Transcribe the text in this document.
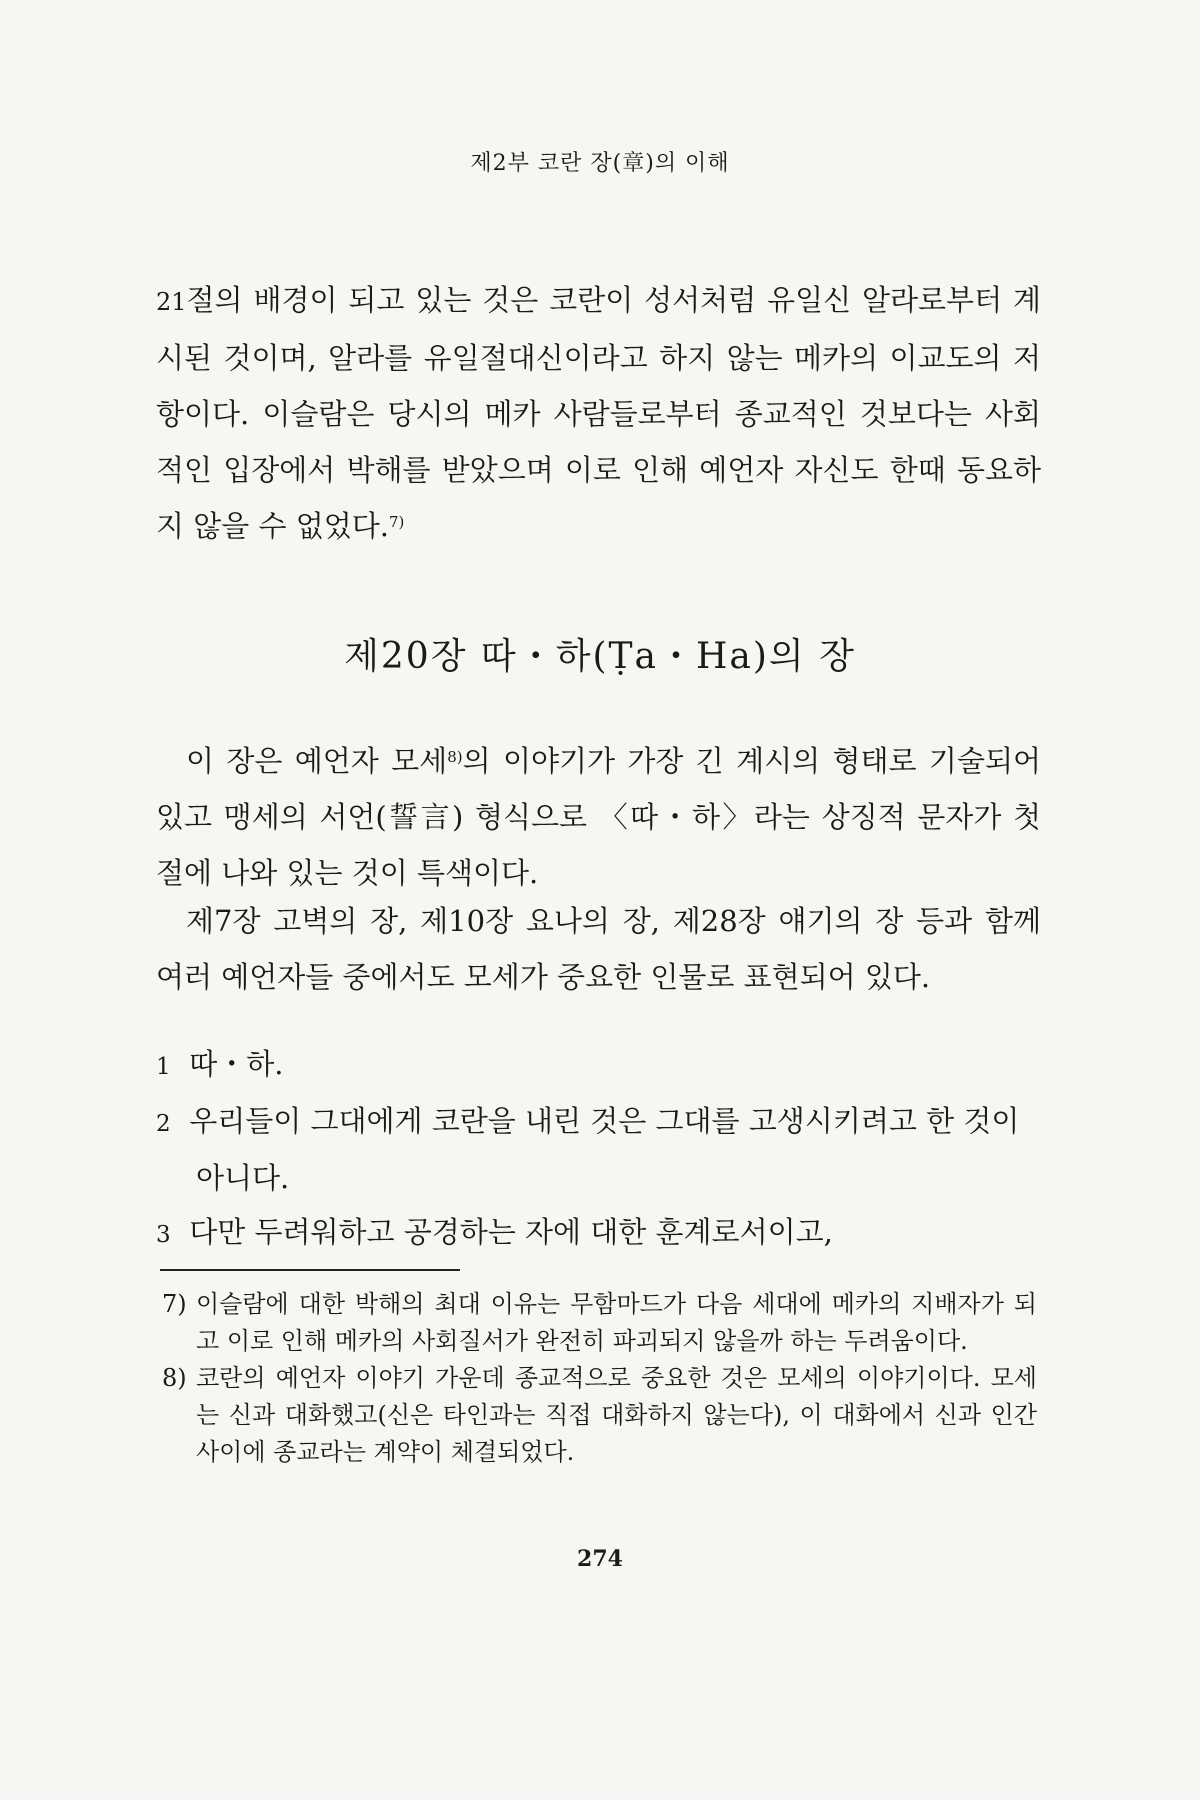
제2부 코란 장(章)의 이해

21절의 배경이 되고 있는 것은 코란이 성서처럼 유일신 알라로부터 계시된 것이며, 알라를 유일절대신이라고 하지 않는 메카의 이교도의 저항이다. 이슬람은 당시의 메카 사람들로부터 종교적인 것보다는 사회적인 입장에서 박해를 받았으며 이로 인해 예언자 자신도 한때 동요하지 않을 수 없었다.$^{7)}$

제20장 따・하(Ṭa・Ha)의 장

이 장은 예언자 모세$^{8)}$의 이야기가 가장 긴 계시의 형태로 기술되어 있고 맹세의 서언(誓言) 형식으로 〈따・하〉라는 상징적 문자가 첫 절에 나와 있는 것이 특색이다.

제7장 고벽의 장, 제10장 요나의 장, 제28장 얘기의 장 등과 함께 여러 예언자들 중에서도 모세가 중요한 인물로 표현되어 있다.

1 따・하.
2 우리들이 그대에게 코란을 내린 것은 그대를 고생시키려고 한 것이 아니다.
3 다만 두려워하고 공경하는 자에 대한 훈계로서이고,
7) 이슬람에 대한 박해의 최대 이유는 무함마드가 다음 세대에 메카의 지배자가 되고 이로 인해 메카의 사회질서가 완전히 파괴되지 않을까 하는 두려움이다.
8) 코란의 예언자 이야기 가운데 종교적으로 중요한 것은 모세의 이야기이다. 모세는 신과 대화했고(신은 타인과는 직접 대화하지 않는다), 이 대화에서 신과 인간 사이에 종교라는 계약이 체결되었다.
274
